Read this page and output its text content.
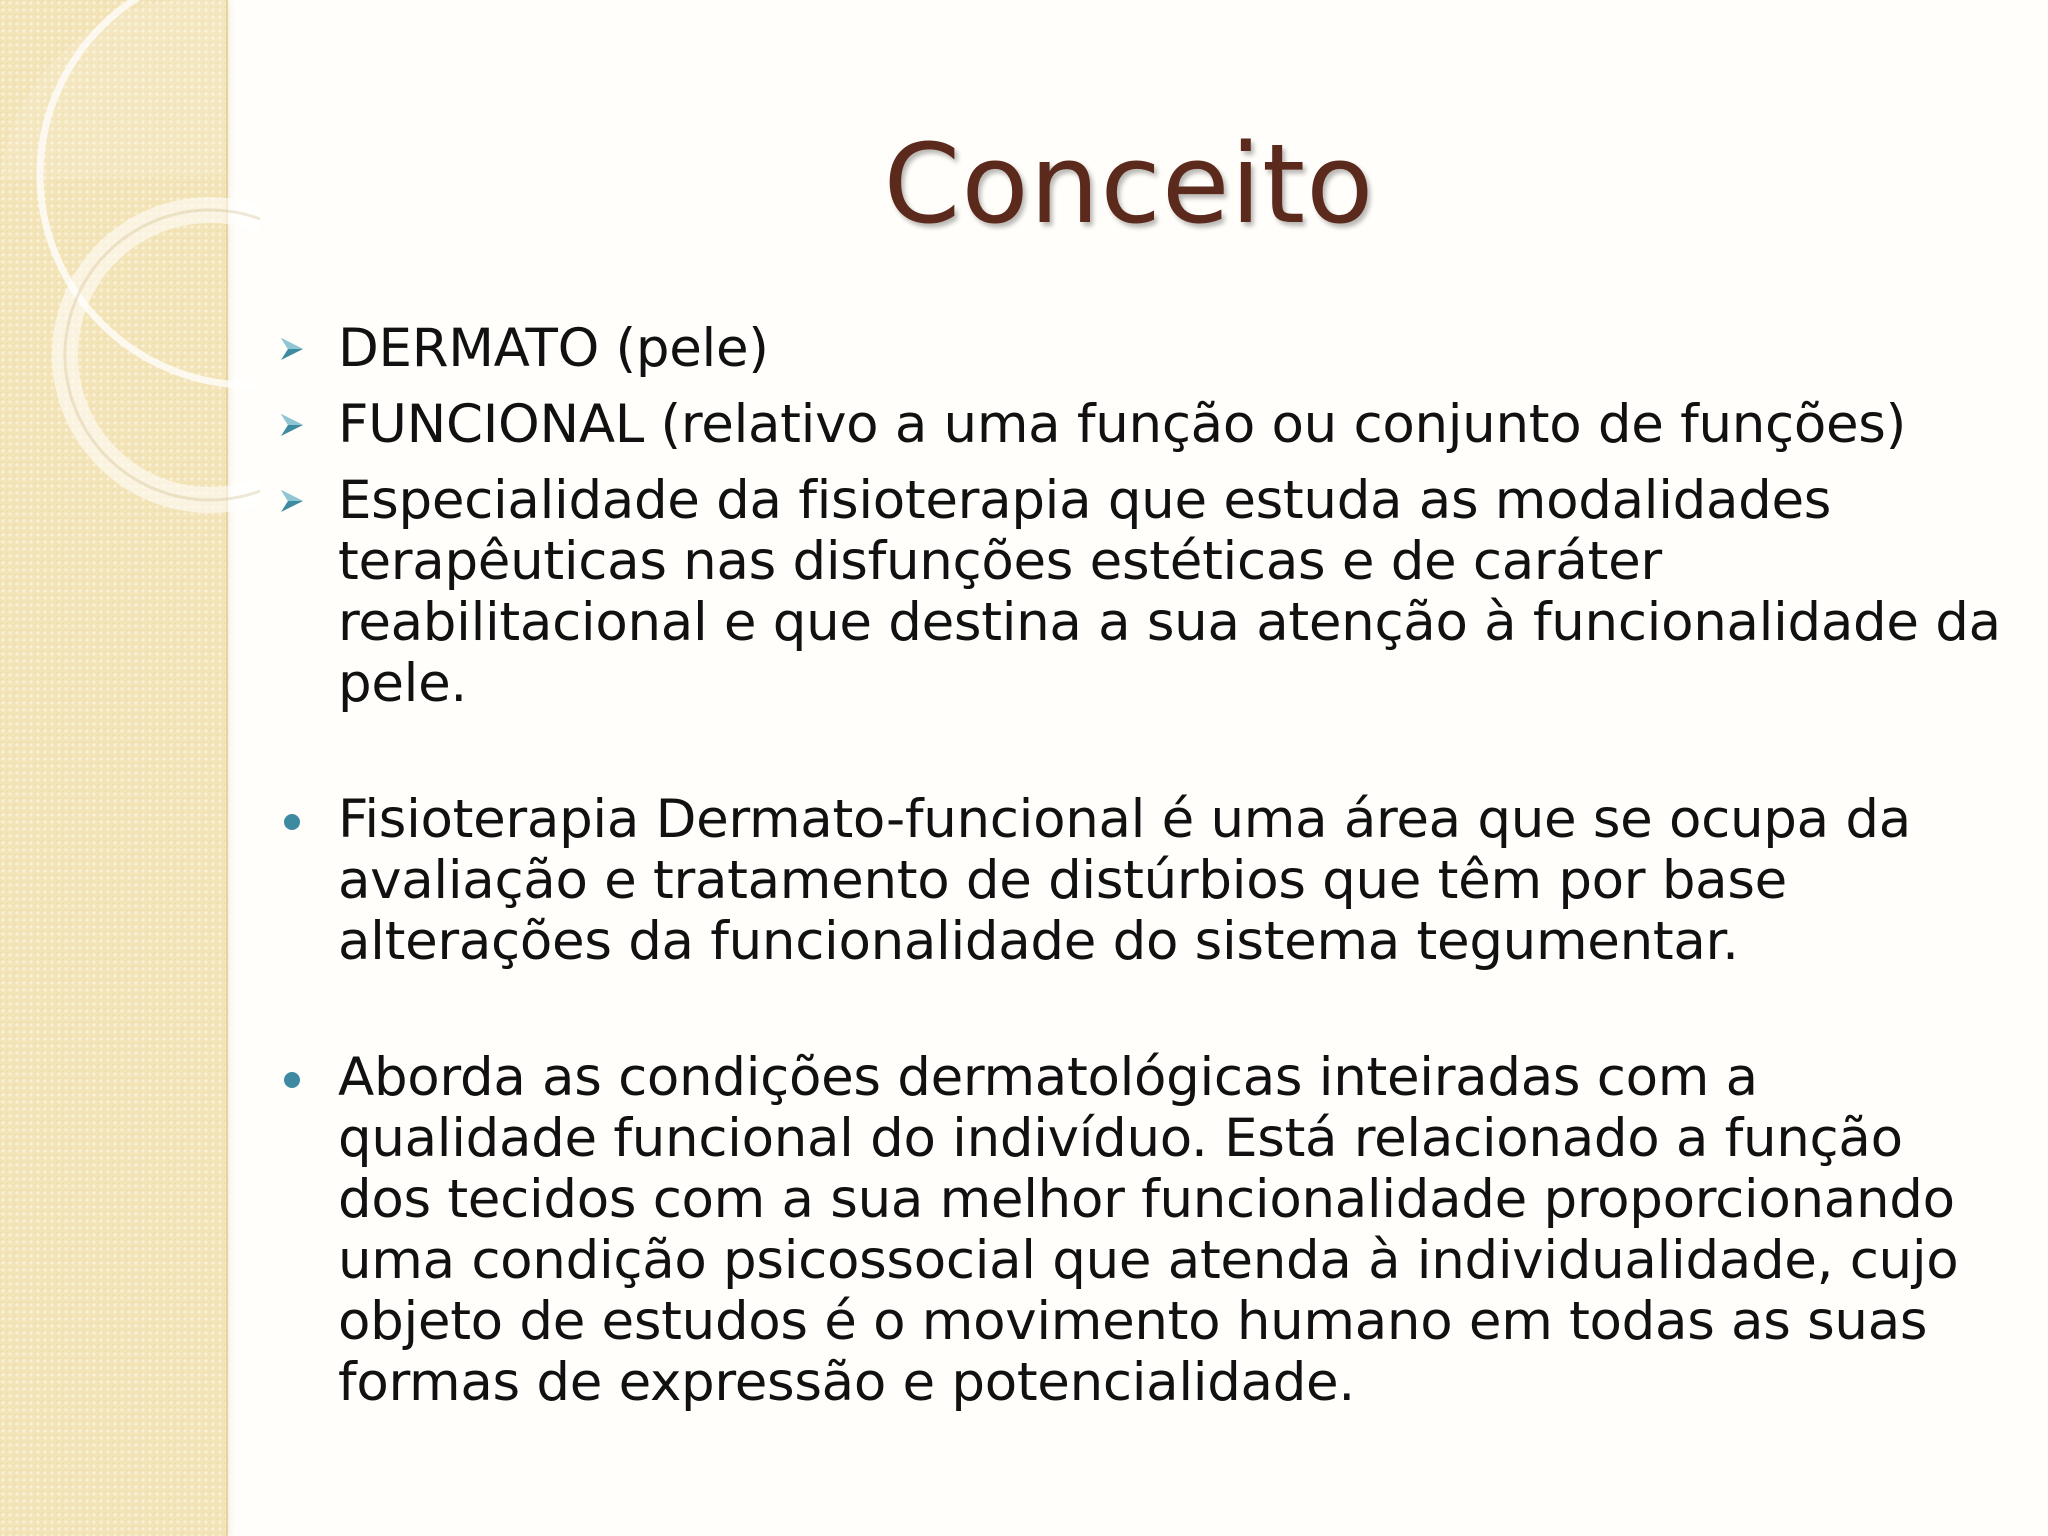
Conceito
DERMATO (pele)
FUNCIONAL (relativo a uma função ou conjunto de funções)
Especialidade da fisioterapia que estuda as modalidades terapêuticas nas disfunções estéticas e de caráter reabilitacional e que destina a sua atenção à funcionalidade da pele.
Fisioterapia Dermato-funcional é uma área que se ocupa da avaliação e tratamento de distúrbios que têm por base alterações da funcionalidade do sistema tegumentar.
Aborda as condições dermatológicas inteiradas com a qualidade funcional do indivíduo. Está relacionado a função dos tecidos com a sua melhor funcionalidade proporcionando uma condição psicossocial que atenda à individualidade, cujo objeto de estudos é o movimento humano em todas as suas formas de expressão e potencialidade.
